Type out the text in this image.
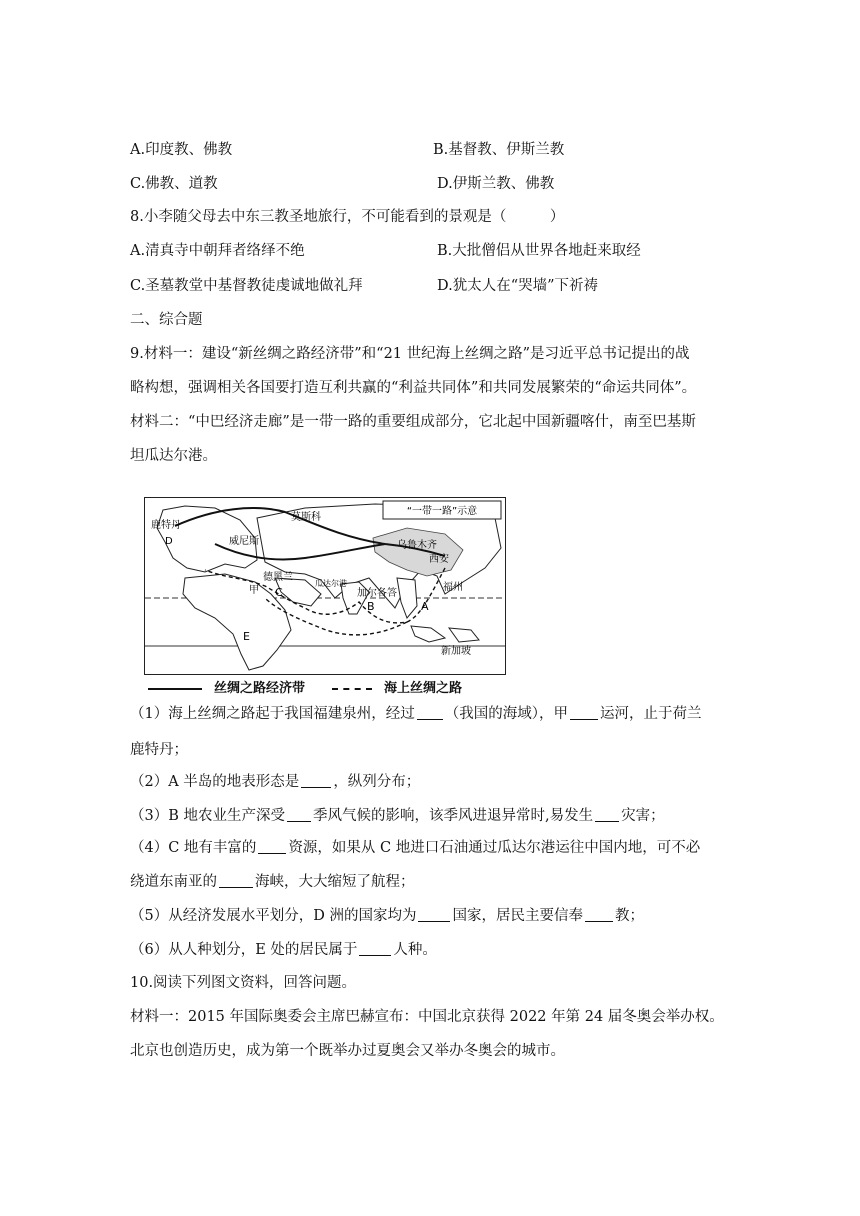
A.印度教、佛教	B.基督教、伊斯兰教
C.佛教、道教	D.伊斯兰教、佛教
8.小李随父母去中东三教圣地旅行，不可能看到的景观是（　　　）
A.清真寺中朝拜者络绎不绝	B.大批僧侣从世界各地赶来取经
C.圣墓教堂中基督教徒虔诚地做礼拜	D.犹太人在“哭墙”下祈祷
二、综合题
9.材料一：建设“新丝绸之路经济带”和“21 世纪海上丝绸之路”是习近平总书记提出的战
略构想，强调相关各国要打造互利共赢的“利益共同体”和共同发展繁荣的“命运共同体”。
材料二：“中巴经济走廊”是一带一路的重要组成部分，它北起中国新疆喀什，南至巴基斯
坦瓜达尔港。
“一带一路”示意
莫斯科
鹿特丹
D	威尼斯	乌鲁木齐
西安
福州
德黑兰
甲 C
瓜达尔港
加尔各答
B	A
E
新加坡
丝绸之路经济带	海上丝绸之路
（1）海上丝绸之路起于我国福建泉州，经过 （我国的海域），甲 运河，止于荷兰
鹿特丹；
（2）A 半岛的地表形态是 ，纵列分布；
（3）B 地农业生产深受 季风气候的影响，该季风进退异常时,易发生 灾害；
（4）C 地有丰富的 资源，如果从 C 地进口石油通过瓜达尔港运往中国内地，可不必
绕道东南亚的	海峡，大大缩短了航程；
（5）从经济发展水平划分，D 洲的国家均为 国家，居民主要信奉 教；
（6）从人种划分，E 处的居民属于 人种。
10.阅读下列图文资料，回答问题。
材料一：2015 年国际奥委会主席巴赫宣布：中国北京获得 2022 年第 24 届冬奥会举办权。
北京也创造历史，成为第一个既举办过夏奥会又举办冬奥会的城市。
